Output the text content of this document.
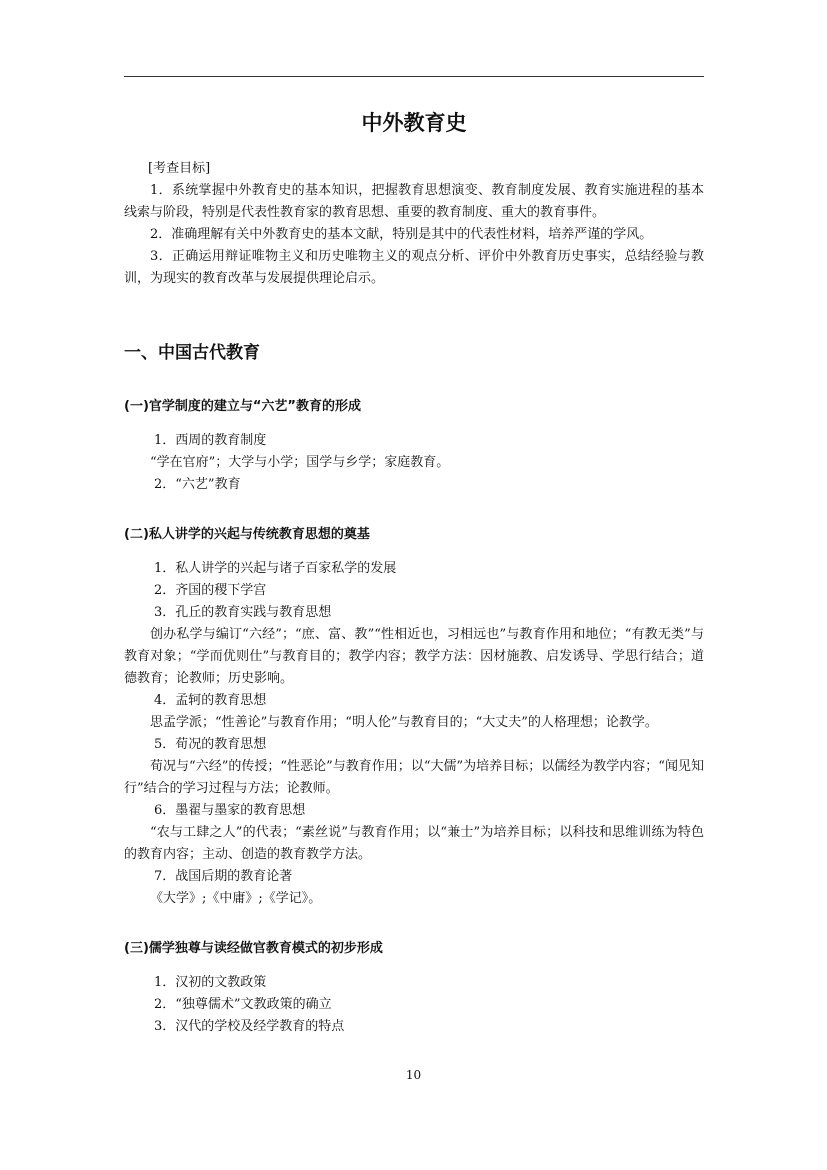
中外教育史

[考查目标]

1．系统掌握中外教育史的基本知识，把握教育思想演变、教育制度发展、教育实施进程的基本线索与阶段，特别是代表性教育家的教育思想、重要的教育制度、重大的教育事件。

2．准确理解有关中外教育史的基本文献，特别是其中的代表性材料，培养严谨的学风。

3．正确运用辩证唯物主义和历史唯物主义的观点分析、评价中外教育历史事实，总结经验与教训，为现实的教育改革与发展提供理论启示。

一、中国古代教育
(一)官学制度的建立与“六艺”教育的形成

1．西周的教育制度

“学在官府”；大学与小学；国学与乡学；家庭教育。

2．“六艺”教育

(二)私人讲学的兴起与传统教育思想的奠基

1．私人讲学的兴起与诸子百家私学的发展

2．齐国的稷下学宫

3．孔丘的教育实践与教育思想

创办私学与编订“六经”；“庶、富、教”“性相近也，习相远也”与教育作用和地位；“有教无类”与教育对象；“学而优则仕”与教育目的；教学内容；教学方法：因材施教、启发诱导、学思行结合；道德教育；论教师；历史影响。

4．孟轲的教育思想

思孟学派；“性善论”与教育作用；“明人伦”与教育目的；“大丈夫”的人格理想；论教学。

5．荀况的教育思想

荀况与“六经”的传授；“性恶论”与教育作用；以“大儒”为培养目标；以儒经为教学内容；“闻见知行”结合的学习过程与方法；论教师。

6．墨翟与墨家的教育思想

“农与工肆之人”的代表；“素丝说”与教育作用；以“兼士”为培养目标；以科技和思维训练为特色的教育内容；主动、创造的教育教学方法。

7．战国后期的教育论著

《大学》;《中庸》;《学记》。

(三)儒学独尊与读经做官教育模式的初步形成

1．汉初的文教政策

2．“独尊儒术”文教政策的确立

3．汉代的学校及经学教育的特点

10
